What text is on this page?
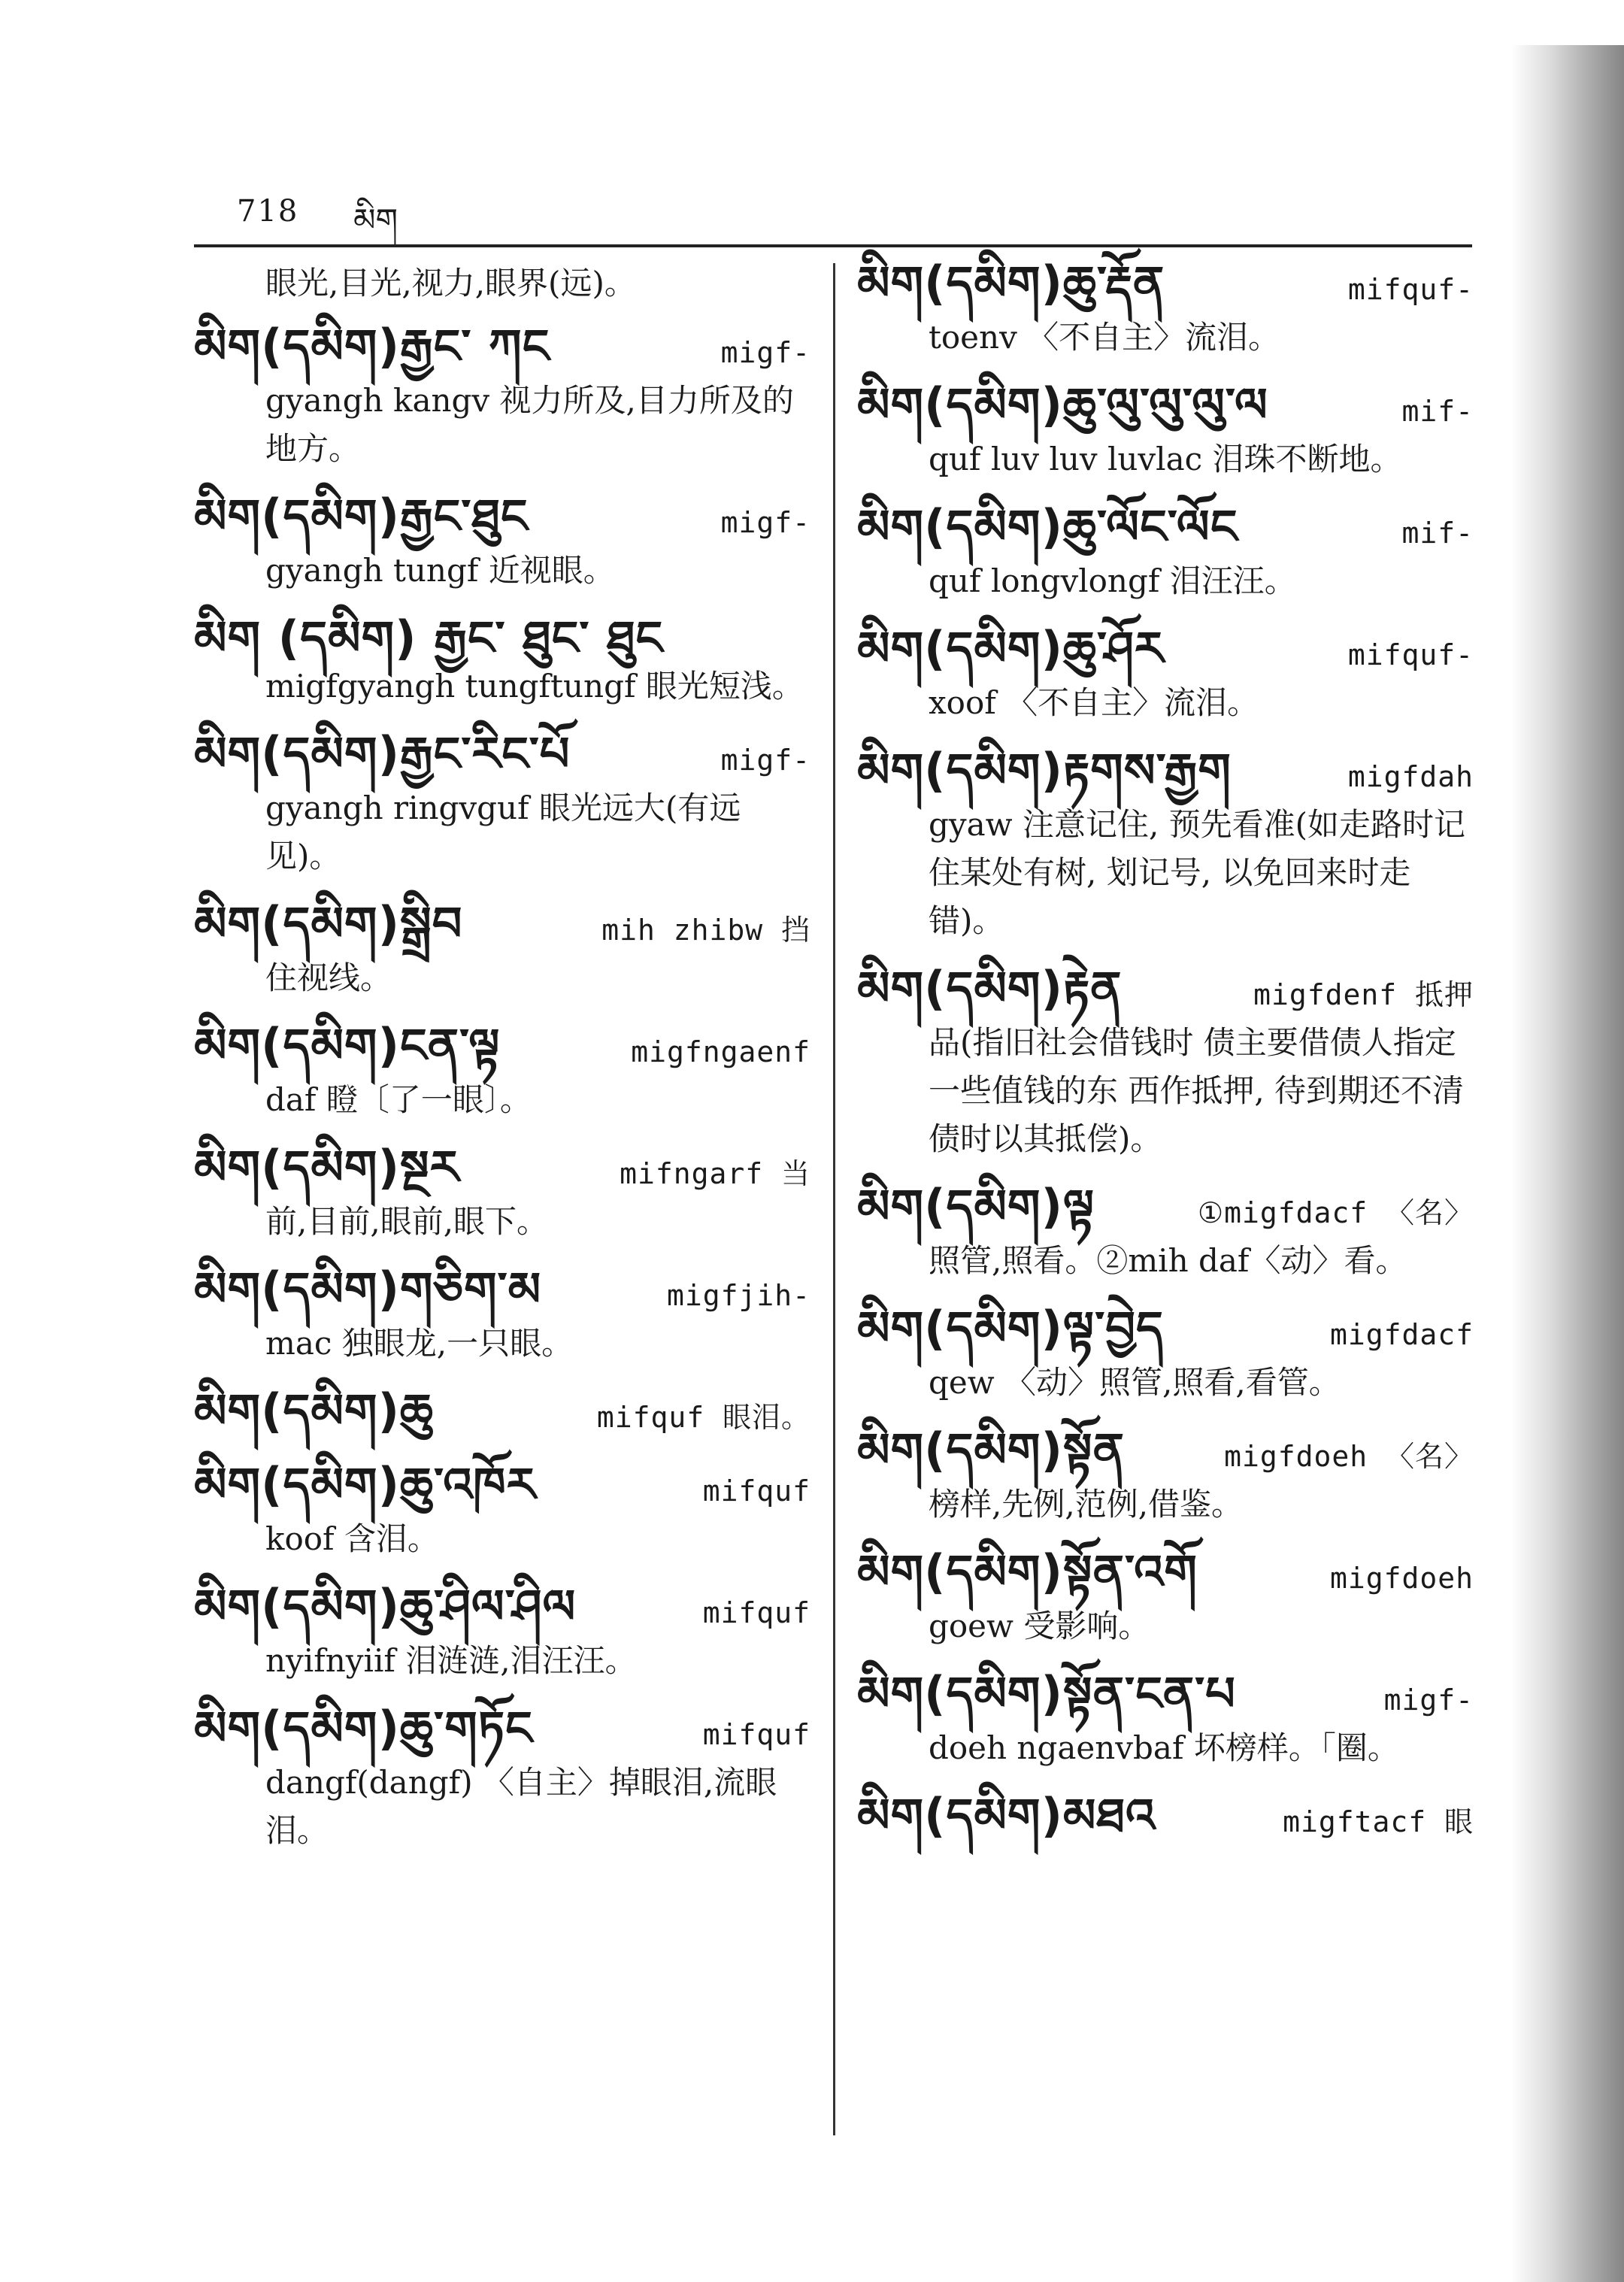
718 མིག
眼光,目光,视力,眼界(远)。
མིག(དམིག)རྒྱང་ ཀང	migf-
gyangh kangv 视力所及,目力所及的地方。
མིག(དམིག)རྒྱང་ཐུང	migf-
gyangh tungf 近视眼。
མིག (དམིག) རྒྱང་ ཐུང་ ཐུང
migfgyangh tungftungf 眼光短浅。
མིག(དམིག)རྒྱང་རིང་པོ	migf-
gyangh ringvguf 眼光远大(有远见)。
མིག(དམིག)སྒྲིབ	mih zhibw 挡
住视线。
མིག(དམིག)ངན་ལྟ	migfngaenf
daf 瞪〔了一眼〕。
མིག(དམིག)སྔར	mifngarf 当
前,目前,眼前,眼下。
མིག(དམིག)གཅིག་མ	migfjih-
mac 独眼龙,一只眼。
མིག(དམིག)ཆུ	mifquf 眼泪。
མིག(དམིག)ཆུ་འཁོར	mifquf
koof 含泪。
མིག(དམིག)ཆུ་ཤིལ་ཤིལ	mifquf
nyifnyiif 泪涟涟,泪汪汪。
མིག(དམིག)ཆུ་གཏོང	mifquf
dangf(dangf) 〈自主〉掉眼泪,流眼泪。
མིག(དམིག)ཆུ་རྡོན	mifquf-
toenv 〈不自主〉流泪。
མིག(དམིག)ཆུ་ལུ་ལུ་ལུ་ལ	mif-
quf luv luv luvlac 泪珠不断地。
མིག(དམིག)ཆུ་ལོང་ལོང	mif-
quf longvlongf 泪汪汪。
མིག(དམིག)ཆུ་ཤོར	mifquf-
xoof 〈不自主〉流泪。
མིག(དམིག)རྟགས་རྒྱག	migfdah
gyaw 注意记住, 预先看准(如走路时记住某处有树, 划记号, 以免回来时走错)。
མིག(དམིག)རྟེན	migfdenf 抵押
品(指旧社会借钱时 债主要借债人指定一些值钱的东 西作抵押, 待到期还不清 债时以其抵偿)。
མིག(དམིག)ལྟ	①migfdacf 〈名〉
照管,照看。②mih daf〈动〉看。
མིག(དམིག)ལྟ་བྱེད	migfdacf
qew 〈动〉照管,照看,看管。
མིག(དམིག)སྟོན	migfdoeh 〈名〉
榜样,先例,范例,借鉴。
མིག(དམིག)སྟོན་འགོ	migfdoeh
goew 受影响。
མིག(དམིག)སྟོན་ངན་པ	migf-
doeh ngaenvbaf 坏榜样。「圈。
མིག(དམིག)མཐའ	migftacf 眼
